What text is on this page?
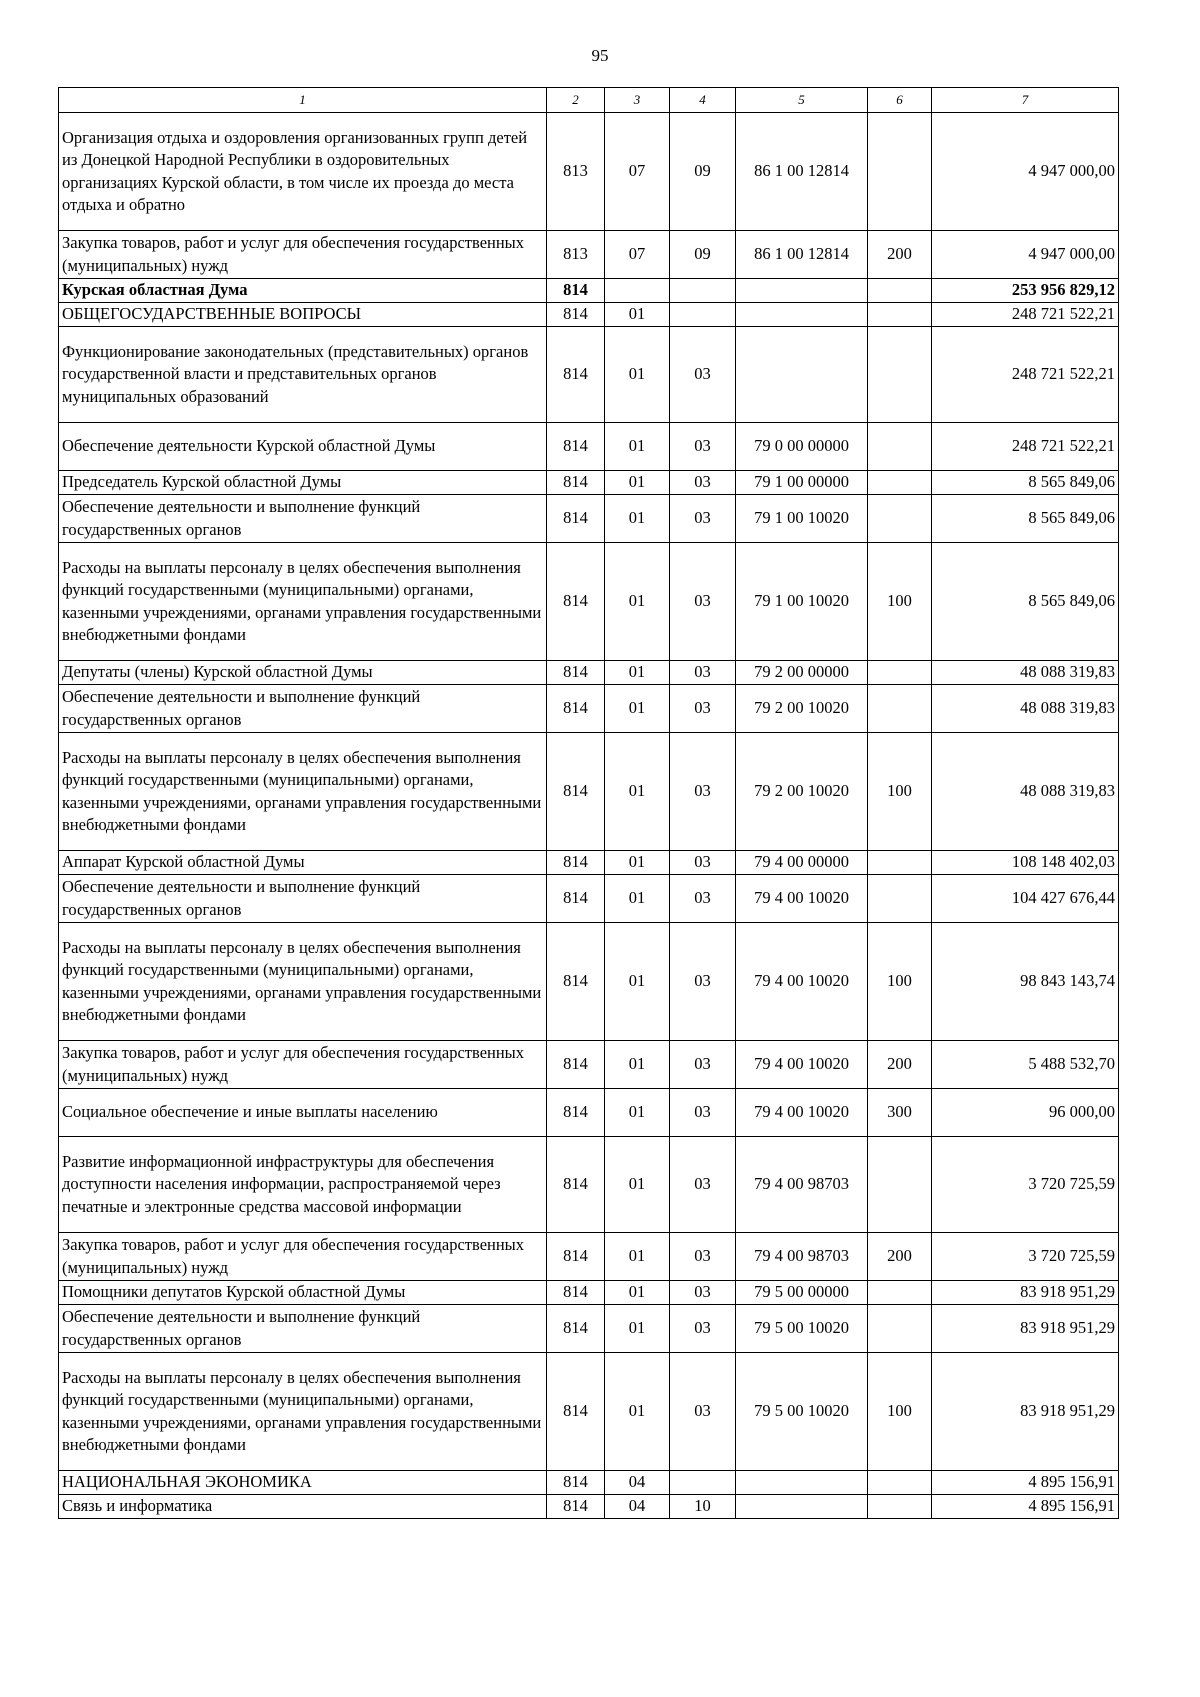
95
1	2	3	4	5	6	7
Организация отдыха и оздоровления организованных групп детей из Донецкой Народной Республики в оздоровительных организациях Курской области, в том числе их проезда до места отдыха и обратно	813	07	09	86 1 00 12814		4 947 000,00
Закупка товаров, работ и услуг для обеспечения государственных (муниципальных) нужд	813	07	09	86 1 00 12814	200	4 947 000,00
Курская областная Дума	814					253 956 829,12
ОБЩЕГОСУДАРСТВЕННЫЕ ВОПРОСЫ	814	01				248 721 522,21
Функционирование законодательных (представительных) органов государственной власти и представительных органов муниципальных образований	814	01	03			248 721 522,21
Обеспечение деятельности Курской областной Думы	814	01	03	79 0 00 00000		248 721 522,21
Председатель Курской областной Думы	814	01	03	79 1 00 00000		8 565 849,06
Обеспечение деятельности и выполнение функций государственных органов	814	01	03	79 1 00 10020		8 565 849,06
Расходы на выплаты персоналу в целях обеспечения выполнения функций государственными (муниципальными) органами, казенными учреждениями, органами управления государственными внебюджетными фондами	814	01	03	79 1 00 10020	100	8 565 849,06
Депутаты (члены) Курской областной Думы	814	01	03	79 2 00 00000		48 088 319,83
Обеспечение деятельности и выполнение функций государственных органов	814	01	03	79 2 00 10020		48 088 319,83
Расходы на выплаты персоналу в целях обеспечения выполнения функций государственными (муниципальными) органами, казенными учреждениями, органами управления государственными внебюджетными фондами	814	01	03	79 2 00 10020	100	48 088 319,83
Аппарат Курской областной Думы	814	01	03	79 4 00 00000		108 148 402,03
Обеспечение деятельности и выполнение функций государственных органов	814	01	03	79 4 00 10020		104 427 676,44
Расходы на выплаты персоналу в целях обеспечения выполнения функций государственными (муниципальными) органами, казенными учреждениями, органами управления государственными внебюджетными фондами	814	01	03	79 4 00 10020	100	98 843 143,74
Закупка товаров, работ и услуг для обеспечения государственных (муниципальных) нужд	814	01	03	79 4 00 10020	200	5 488 532,70
Социальное обеспечение и иные выплаты населению	814	01	03	79 4 00 10020	300	96 000,00
Развитие информационной инфраструктуры для обеспечения доступности населения информации, распространяемой через печатные и электронные средства массовой информации	814	01	03	79 4 00 98703		3 720 725,59
Закупка товаров, работ и услуг для обеспечения государственных (муниципальных) нужд	814	01	03	79 4 00 98703	200	3 720 725,59
Помощники депутатов Курской областной Думы	814	01	03	79 5 00 00000		83 918 951,29
Обеспечение деятельности и выполнение функций государственных органов	814	01	03	79 5 00 10020		83 918 951,29
Расходы на выплаты персоналу в целях обеспечения выполнения функций государственными (муниципальными) органами, казенными учреждениями, органами управления государственными внебюджетными фондами	814	01	03	79 5 00 10020	100	83 918 951,29
НАЦИОНАЛЬНАЯ ЭКОНОМИКА	814	04				4 895 156,91
Связь и информатика	814	04	10			4 895 156,91
